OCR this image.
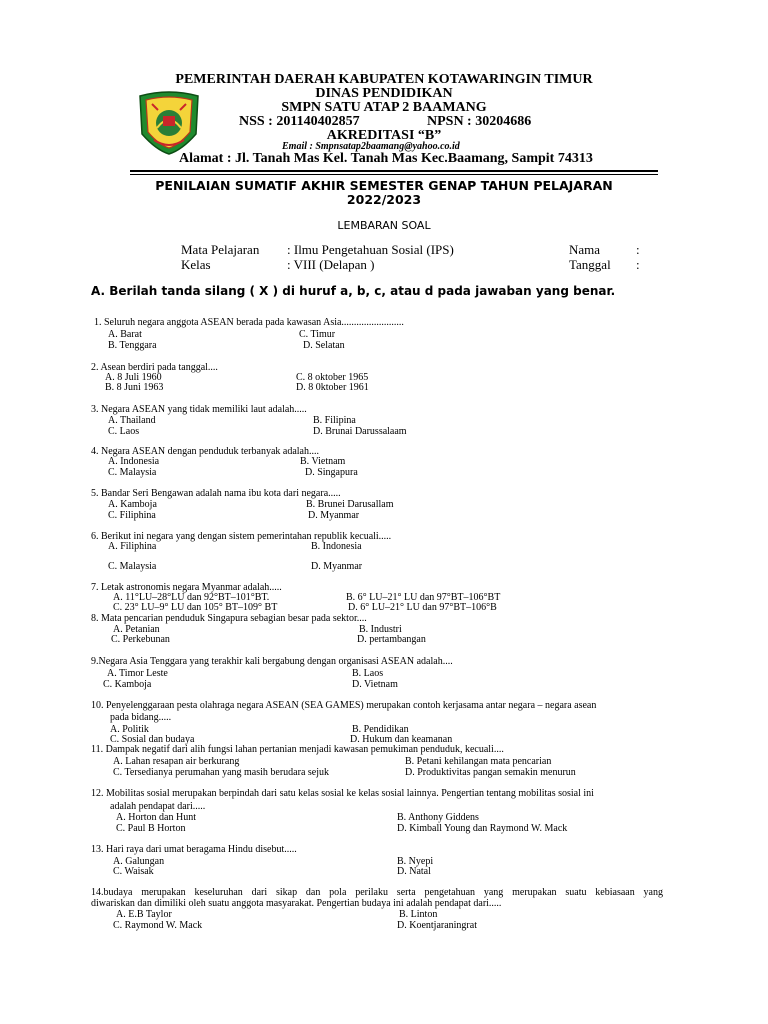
PEMERINTAH DAERAH KABUPATEN KOTAWARINGIN TIMUR
DINAS PENDIDIKAN
SMPN SATU ATAP 2 BAAMANG
NSS : 201140402857	NPSN : 30204686
AKREDITASI “B”
Email : Smpnsatap2baamang@yahoo.co.id
Alamat : Jl. Tanah Mas Kel. Tanah Mas Kec.Baamang, Sampit 74313
PENILAIAN SUMATIF AKHIR SEMESTER GENAP TAHUN PELAJARAN
2022/2023
LEMBARAN SOAL
Mata Pelajaran : Ilmu Pengetahuan Sosial (IPS)
Kelas	: VIII (Delapan )
Nama	:
Tanggal :
A. Berilah tanda silang ( X ) di huruf a, b, c, atau d pada jawaban yang benar.
1. Seluruh negara anggota ASEAN berada pada kawasan Asia.........................
A. Barat	C. Timur
B. Tenggara	D. Selatan
2. Asean berdiri pada tanggal....
A. 8 Juli 1960	C. 8 oktober 1965
B. 8 Juni 1963	D. 8 0ktober 1961
3. Negara ASEAN yang tidak memiliki laut adalah.....
A. Thailand	B. Filipina
C. Laos	D. Brunai Darussalaam
4. Negara ASEAN dengan penduduk terbanyak adalah....
A. Indonesia	B. Vietnam
C. Malaysia	D. Singapura
5. Bandar Seri Bengawan adalah nama ibu kota dari negara.....
A. Kamboja	B. Brunei Darusallam
C. Filiphina	D. Myanmar
6. Berikut ini negara yang dengan sistem pemerintahan republik kecuali.....
A. Filiphina	B. Indonesia
C. Malaysia	D. Myanmar
7. Letak astronomis negara Myanmar adalah.....
A. 11°LU–28°LU dan 92°BT–101°BT.	B. 6° LU–21° LU dan 97°BT–106°BT
C. 23° LU–9° LU dan 105° BT–109° BT	D. 6° LU–21° LU dan 97°BT–106°B
8. Mata pencarian penduduk Singapura sebagian besar pada sektor....
A. Petanian	B. Industri
C. Perkebunan	D. pertambangan
9.Negara Asia Tenggara yang terakhir kali bergabung dengan organisasi ASEAN adalah....
A. Timor Leste	B. Laos
C. Kamboja	D. Vietnam
10. Penyelenggaraan pesta olahraga negara ASEAN (SEA GAMES) merupakan contoh kerjasama antar negara – negara asean
pada bidang.....
A. Politik	B. Pendidikan
C. Sosial dan budaya	D. Hukum dan keamanan
11. Dampak negatif dari alih fungsi lahan pertanian menjadi kawasan pemukiman penduduk, kecuali....
A. Lahan resapan air berkurang	B. Petani kehilangan mata pencarian
C. Tersedianya perumahan yang masih berudara sejuk	D. Produktivitas pangan semakin menurun
12. Mobilitas sosial merupakan berpindah dari satu kelas sosial ke kelas sosial lainnya. Pengertian tentang mobilitas sosial ini
adalah pendapat dari.....
A. Horton dan Hunt	B. Anthony Giddens
C. Paul B Horton	D. Kimball Young dan Raymond W. Mack
13. Hari raya dari umat beragama Hindu disebut.....
A. Galungan	B. Nyepi
C. Waisak	D. Natal
14.budaya merupakan keseluruhan dari sikap dan pola perilaku serta pengetahuan yang merupakan suatu kebiasaan yang
diwariskan dan dimiliki oleh suatu anggota masyarakat. Pengertian budaya ini adalah pendapat dari.....
A. E.B Taylor	B. Linton
C. Raymond W. Mack	D. Koentjaraningrat
